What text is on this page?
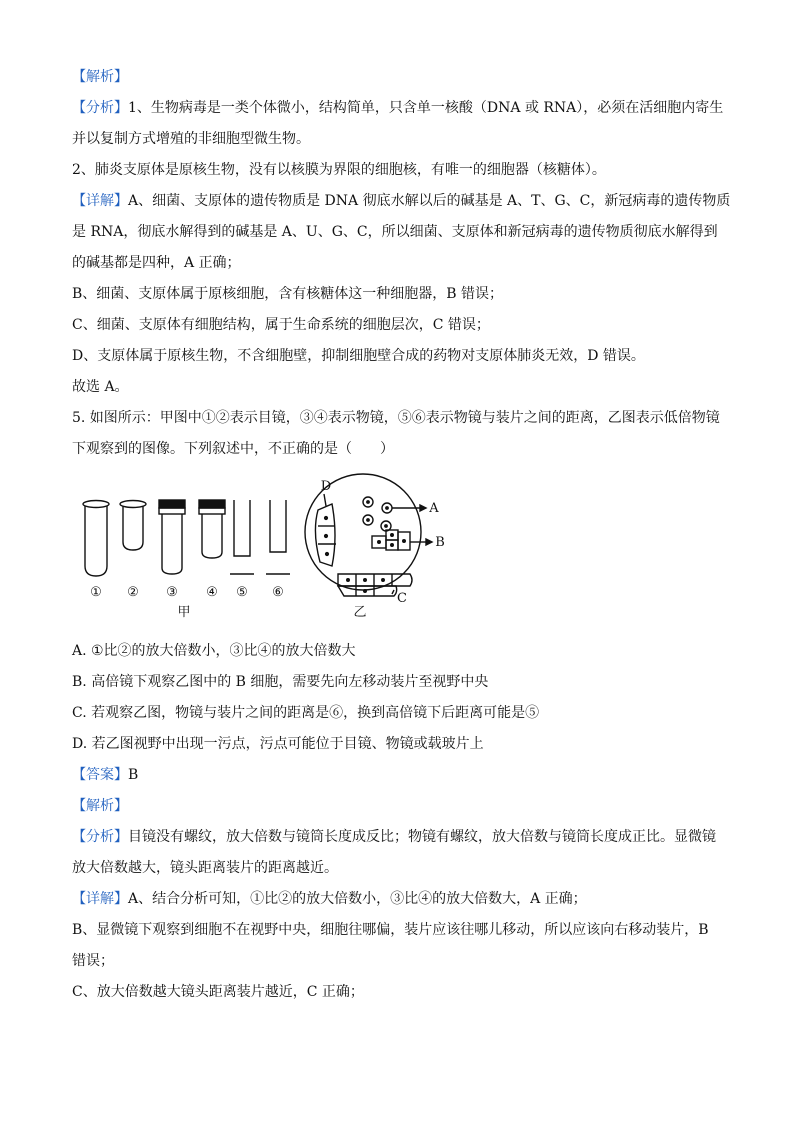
【解析】
【分析】1、生物病毒是一类个体微小，结构简单，只含单一核酸（DNA 或 RNA），必须在活细胞内寄生
并以复制方式增殖的非细胞型微生物。
2、肺炎支原体是原核生物，没有以核膜为界限的细胞核，有唯一的细胞器（核糖体）。
【详解】A、细菌、支原体的遗传物质是 DNA 彻底水解以后的碱基是 A、T、G、C，新冠病毒的遗传物质
是 RNA，彻底水解得到的碱基是 A、U、G、C，所以细菌、支原体和新冠病毒的遗传物质彻底水解得到
的碱基都是四种，A 正确；
B、细菌、支原体属于原核细胞，含有核糖体这一种细胞器，B 错误；
C、细菌、支原体有细胞结构，属于生命系统的细胞层次，C 错误；
D、支原体属于原核生物，不含细胞壁，抑制细胞壁合成的药物对支原体肺炎无效，D 错误。
故选 A。
5. 如图所示：甲图中①②表示目镜，③④表示物镜，⑤⑥表示物镜与装片之间的距离，乙图表示低倍物镜
下观察到的图像。下列叙述中，不正确的是（　　）
① ② ③ ④ ⑤ ⑥
甲	乙
A
B
C
D
A. ①比②的放大倍数小，③比④的放大倍数大
B. 高倍镜下观察乙图中的 B 细胞，需要先向左移动装片至视野中央
C. 若观察乙图，物镜与装片之间的距离是⑥，换到高倍镜下后距离可能是⑤
D. 若乙图视野中出现一污点，污点可能位于目镜、物镜或载玻片上
【答案】B
【解析】
【分析】目镜没有螺纹，放大倍数与镜筒长度成反比；物镜有螺纹，放大倍数与镜筒长度成正比。显微镜
放大倍数越大，镜头距离装片的距离越近。
【详解】A、结合分析可知，①比②的放大倍数小，③比④的放大倍数大，A 正确；
B、显微镜下观察到细胞不在视野中央，细胞往哪偏，装片应该往哪儿移动，所以应该向右移动装片，B
错误；
C、放大倍数越大镜头距离装片越近，C 正确；
